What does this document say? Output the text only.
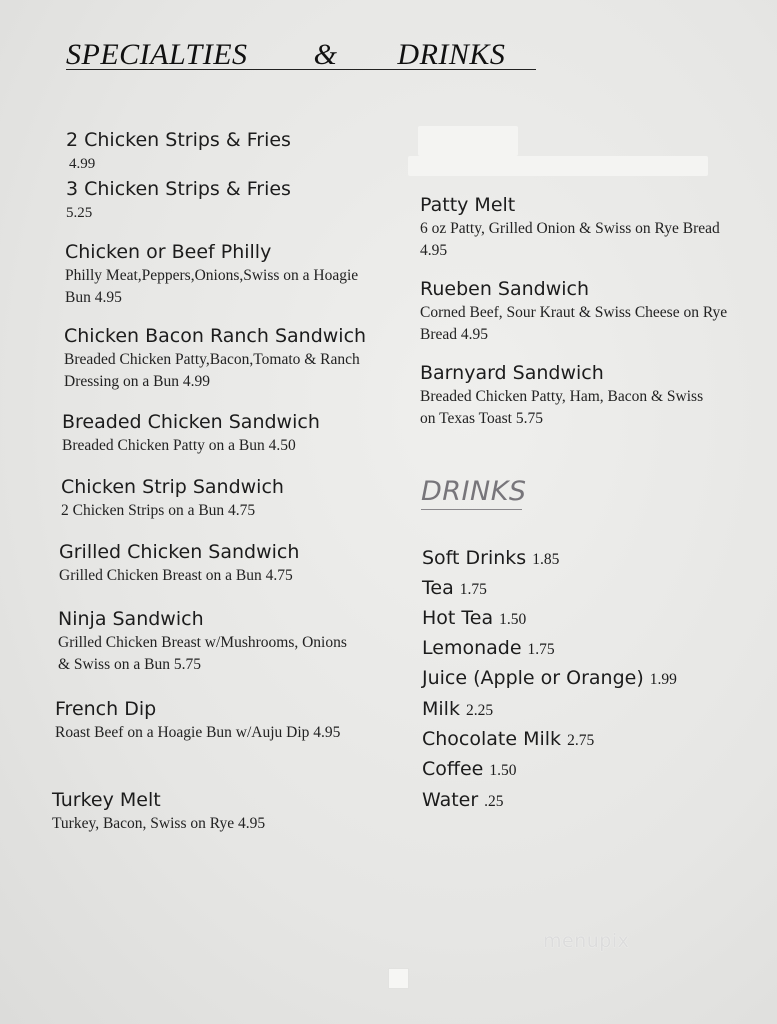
SPECIALTIES & DRINKS
2 Chicken Strips & Fries
4.99
3 Chicken Strips & Fries
5.25
Chicken or Beef Philly
Philly Meat,Peppers,Onions,Swiss on a Hoagie Bun 4.95
Chicken Bacon Ranch Sandwich
Breaded Chicken Patty,Bacon,Tomato & Ranch Dressing on a Bun 4.99
Breaded Chicken Sandwich
Breaded Chicken Patty on a Bun 4.50
Chicken Strip Sandwich
2 Chicken Strips on a Bun 4.75
Grilled Chicken Sandwich
Grilled Chicken Breast on a Bun 4.75
Ninja Sandwich
Grilled Chicken Breast w/Mushrooms, Onions & Swiss on a Bun 5.75
French Dip
Roast Beef on a Hoagie Bun w/Auju Dip 4.95
Turkey Melt
Turkey, Bacon, Swiss on Rye 4.95
Patty Melt
6 oz Patty, Grilled Onion & Swiss on Rye Bread 4.95
Rueben Sandwich
Corned Beef, Sour Kraut & Swiss Cheese on Rye Bread 4.95
Barnyard Sandwich
Breaded Chicken Patty, Ham, Bacon & Swiss on Texas Toast 5.75
DRINKS
Soft Drinks 1.85
Tea 1.75
Hot Tea 1.50
Lemonade 1.75
Juice (Apple or Orange) 1.99
Milk 2.25
Chocolate Milk 2.75
Coffee 1.50
Water .25
menupix
